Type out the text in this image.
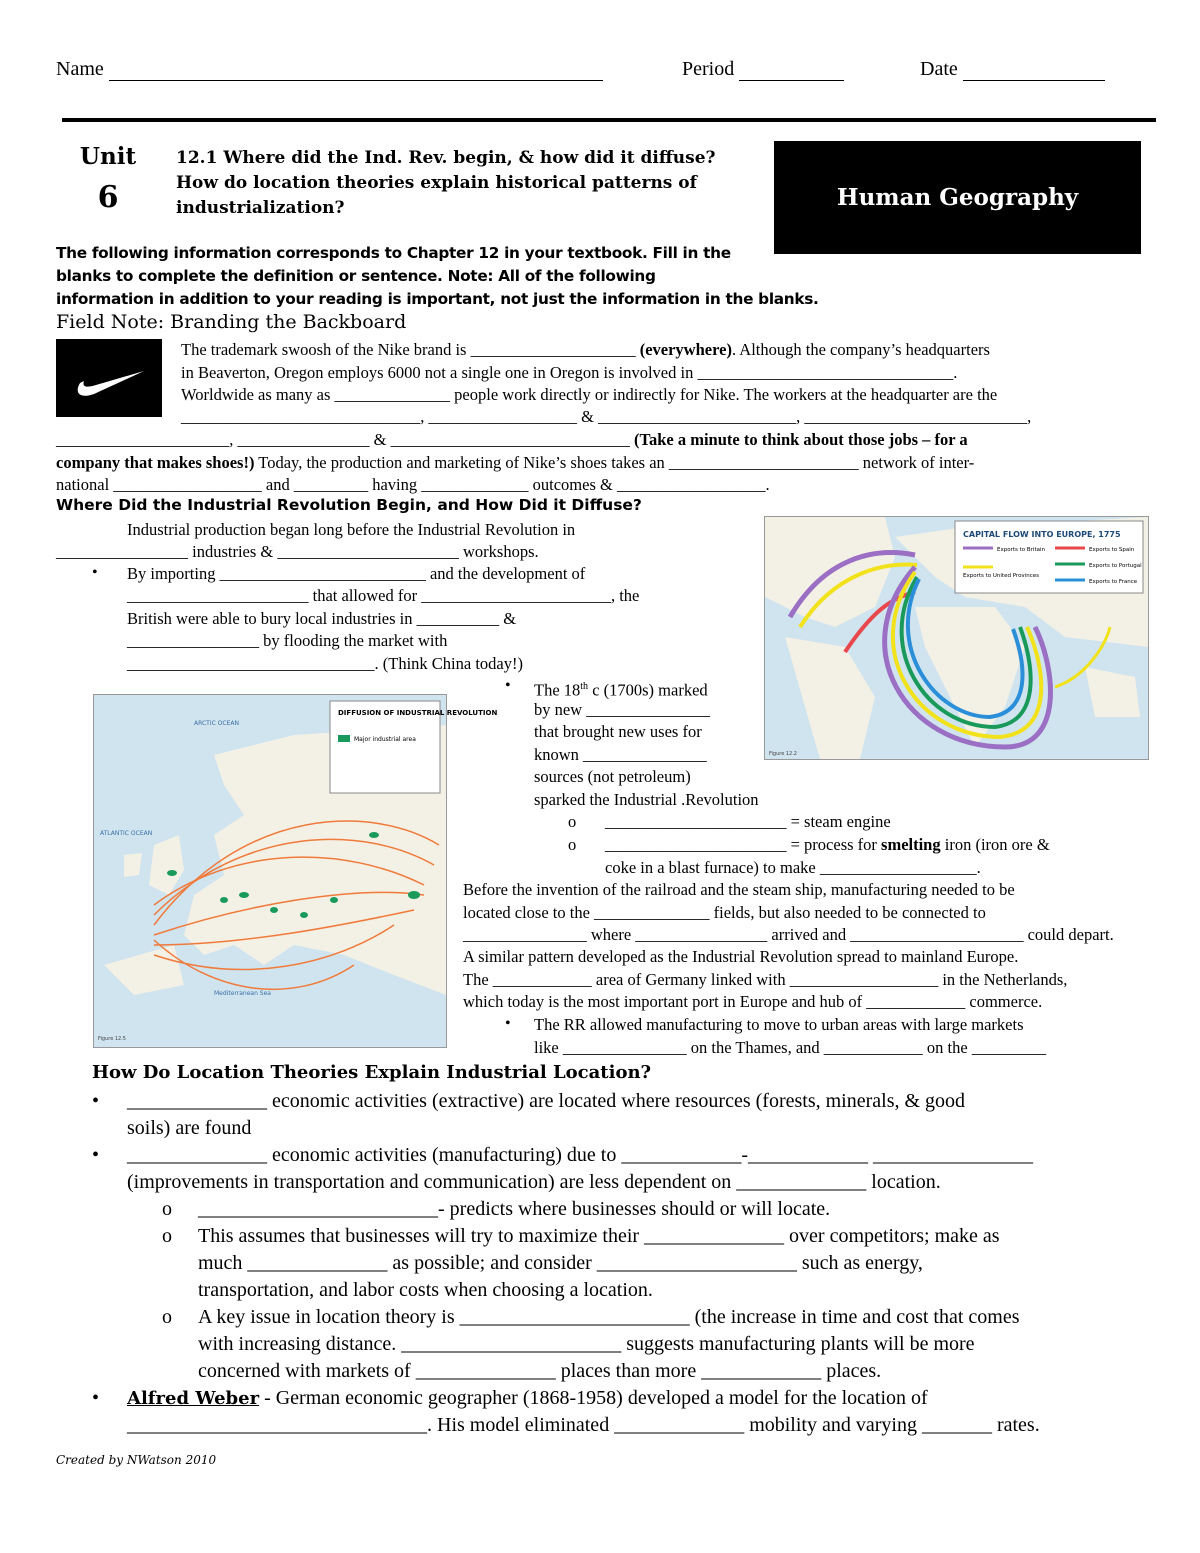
Name	Period	Date
Unit
6
12.1 Where did the Ind. Rev. begin, & how did it diffuse?
How do location theories explain historical patterns of
industrialization?	Human Geography
The following information corresponds to Chapter 12 in your textbook. Fill in the
blanks to complete the definition or sentence. Note: All of the following
information in addition to your reading is important, not just the information in the blanks.
Field Note: Branding the Backboard
The trademark swoosh of the Nike brand is ____________________ (everywhere). Although the company’s headquarters
in Beaverton, Oregon employs 6000 not a single one in Oregon is involved in _______________________________.
Worldwide as many as ______________ people work directly or indirectly for Nike. The workers at the headquarter are the
_____________________________, __________________ & ________________________, ___________________________,
_____________________, ________________ & _____________________________ (Take a minute to think about those jobs – for a
company that makes shoes!) Today, the production and marketing of Nike’s shoes takes an _______________________ network of inter-
national __________________ and _________ having _____________ outcomes & __________________.
Where Did the Industrial Revolution Begin, and How Did it Diffuse?
Industrial production began long before the Industrial Revolution in
________________ industries & ______________________ workshops.
• By importing _________________________ and the development of
______________________ that allowed for _______________________, the
British were able to bury local industries in __________ &
________________ by flooding the market with
______________________________. (Think China today!)
• The 18th c (1700s) marked
by new _______________
that brought new uses for
known _______________
sources (not petroleum)
sparked the Industrial .Revolution
o ______________________ = steam engine
o ______________________ = process for smelting iron (iron ore &
coke in a blast furnace) to make ___________________.
Before the invention of the railroad and the steam ship, manufacturing needed to be
located close to the ______________ fields, but also needed to be connected to
_______________ where ________________ arrived and _____________________ could depart.
A similar pattern developed as the Industrial Revolution spread to mainland Europe.
The ____________ area of Germany linked with __________________ in the Netherlands,
which today is the most important port in Europe and hub of ____________ commerce.
• The RR allowed manufacturing to move to urban areas with large markets
like _______________ on the Thames, and ____________ on the _________
CAPITAL FLOW INTO EUROPE, 1775
Exports to Britain	Exports to Spain
Exports to United Provinces
Exports to Portugal
Exports to France
Figure 12.2
DIFFUSION OF INDUSTRIAL REVOLUTION
Major industrial area
ARCTIC OCEAN
ATLANTIC OCEAN
Mediterranean Sea
Figure 12.5
How Do Location Theories Explain Industrial Location?
• ______________ economic activities (extractive) are located where resources (forests, minerals, & good
soils) are found
• ______________ economic activities (manufacturing) due to ____________-____________ ________________
(improvements in transportation and communication) are less dependent on _____________ location.
o ________________________- predicts where businesses should or will locate.
o This assumes that businesses will try to maximize their ______________ over competitors; make as
much ______________ as possible; and consider ____________________ such as energy,
transportation, and labor costs when choosing a location.
o A key issue in location theory is _______________________ (the increase in time and cost that comes
with increasing distance. ______________________ suggests manufacturing plants will be more
concerned with markets of ______________ places than more ____________ places.
• Alfred Weber - German economic geographer (1868-1958) developed a model for the location of
______________________________. His model eliminated _____________ mobility and varying _______ rates.
Created by NWatson 2010
